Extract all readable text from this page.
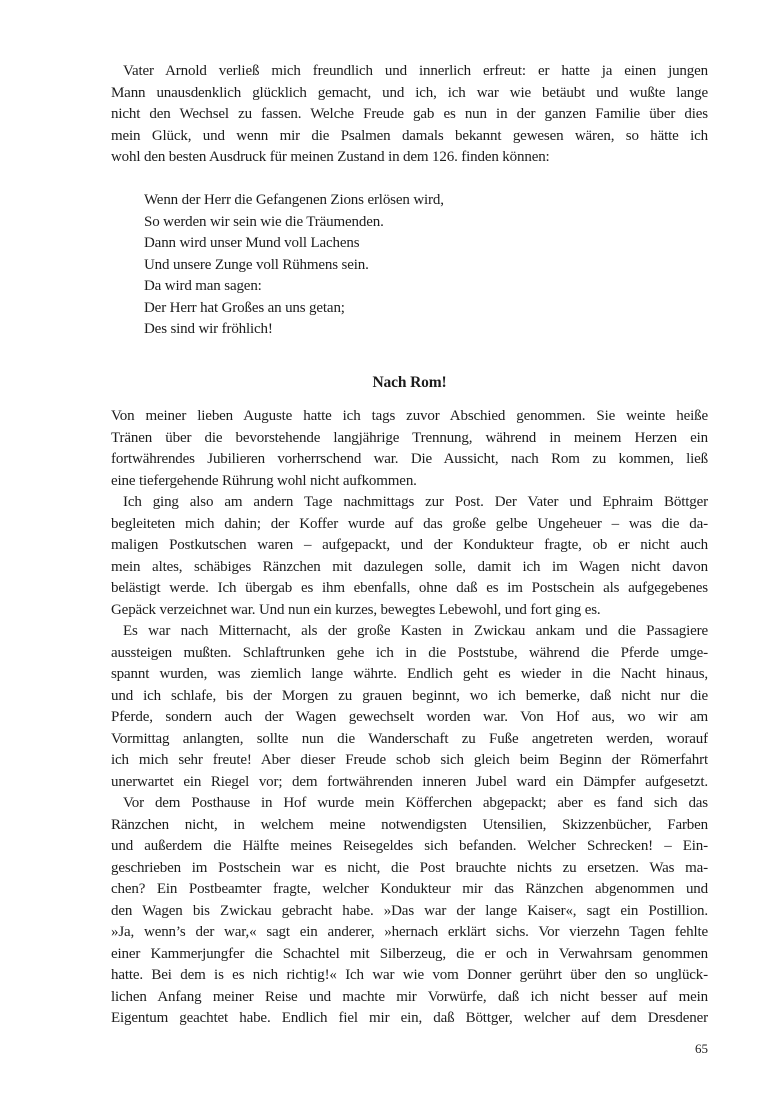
Vater Arnold verließ mich freundlich und innerlich erfreut: er hatte ja einen jungen
Mann unausdenklich glücklich gemacht, und ich, ich war wie betäubt und wußte lange
nicht den Wechsel zu fassen. Welche Freude gab es nun in der ganzen Familie über dies
mein Glück, und wenn mir die Psalmen damals bekannt gewesen wären, so hätte ich
wohl den besten Ausdruck für meinen Zustand in dem 126. finden können:
Wenn der Herr die Gefangenen Zions erlösen wird,
So werden wir sein wie die Träumenden.
Dann wird unser Mund voll Lachens
Und unsere Zunge voll Rühmens sein.
Da wird man sagen:
Der Herr hat Großes an uns getan;
Des sind wir fröhlich!
Nach Rom!
Von meiner lieben Auguste hatte ich tags zuvor Abschied genommen. Sie weinte heiße
Tränen über die bevorstehende langjährige Trennung, während in meinem Herzen ein
fortwährendes Jubilieren vorherrschend war. Die Aussicht, nach Rom zu kommen, ließ
eine tiefergehende Rührung wohl nicht aufkommen.
Ich ging also am andern Tage nachmittags zur Post. Der Vater und Ephraim Böttger
begleiteten mich dahin; der Koffer wurde auf das große gelbe Ungeheuer – was die da-
maligen Postkutschen waren – aufgepackt, und der Kondukteur fragte, ob er nicht auch
mein altes, schäbiges Ränzchen mit dazulegen solle, damit ich im Wagen nicht davon
belästigt werde. Ich übergab es ihm ebenfalls, ohne daß es im Postschein als aufgegebenes
Gepäck verzeichnet war. Und nun ein kurzes, bewegtes Lebewohl, und fort ging es.
Es war nach Mitternacht, als der große Kasten in Zwickau ankam und die Passagiere
aussteigen mußten. Schlaftrunken gehe ich in die Poststube, während die Pferde umge-
spannt wurden, was ziemlich lange währte. Endlich geht es wieder in die Nacht hinaus,
und ich schlafe, bis der Morgen zu grauen beginnt, wo ich bemerke, daß nicht nur die
Pferde, sondern auch der Wagen gewechselt worden war. Von Hof aus, wo wir am
Vormittag anlangten, sollte nun die Wanderschaft zu Fuße angetreten werden, worauf
ich mich sehr freute! Aber dieser Freude schob sich gleich beim Beginn der Römerfahrt
unerwartet ein Riegel vor; dem fortwährenden inneren Jubel ward ein Dämpfer aufgesetzt.
Vor dem Posthause in Hof wurde mein Köfferchen abgepackt; aber es fand sich das
Ränzchen nicht, in welchem meine notwendigsten Utensilien, Skizzenbücher, Farben
und außerdem die Hälfte meines Reisegeldes sich befanden. Welcher Schrecken! – Ein-
geschrieben im Postschein war es nicht, die Post brauchte nichts zu ersetzen. Was ma-
chen? Ein Postbeamter fragte, welcher Kondukteur mir das Ränzchen abgenommen und
den Wagen bis Zwickau gebracht habe. »Das war der lange Kaiser«, sagt ein Postillion.
»Ja, wenn’s der war,« sagt ein anderer, »hernach erklärt sichs. Vor vierzehn Tagen fehlte
einer Kammerjungfer die Schachtel mit Silberzeug, die er och in Verwahrsam genommen
hatte. Bei dem is es nich richtig!« Ich war wie vom Donner gerührt über den so unglück-
lichen Anfang meiner Reise und machte mir Vorwürfe, daß ich nicht besser auf mein
Eigentum geachtet habe. Endlich fiel mir ein, daß Böttger, welcher auf dem Dresdener
65
